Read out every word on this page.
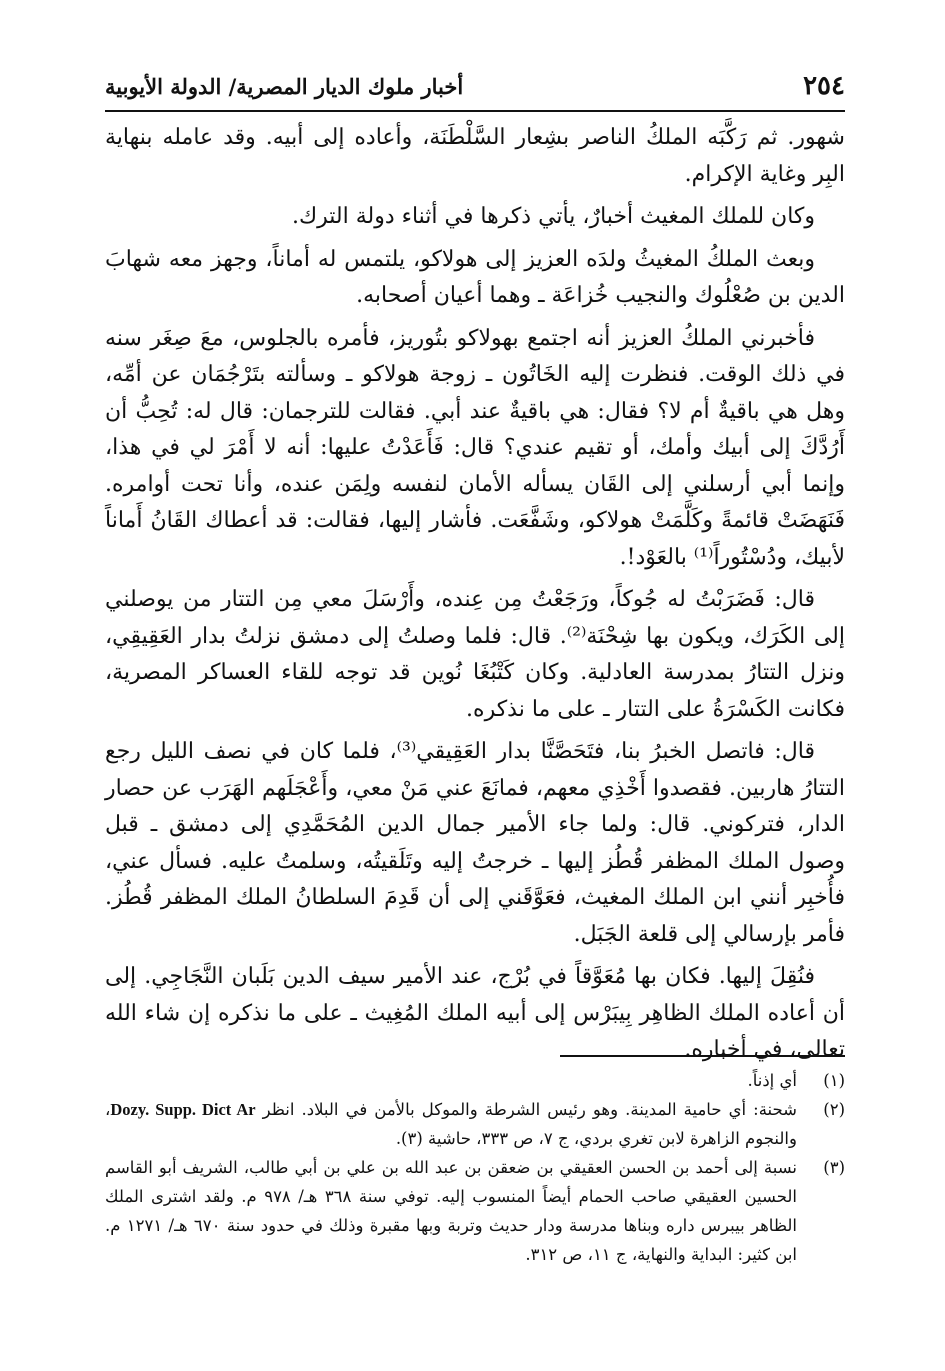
٢٥٤
أخبار ملوك الديار المصرية/ الدولة الأيوبية

شهور. ثم رَكَّبَه الملكُ الناصر بشِعار السَّلْطَنَة، وأعاده إلى أبيه. وقد عامله بنهاية البِر وغاية الإكرام.

وكان للملك المغيث أخبارٌ، يأتي ذكرها في أثناء دولة الترك.

وبعث الملكُ المغيثُ ولدَه العزيز إلى هولاكو، يلتمس له أماناً، وجهز معه شهابَ الدين بن صُعْلُوك والنجيب خُزاعَة ـ وهما أعيان أصحابه.

فأخبرني الملكُ العزيز أنه اجتمع بهولاكو بتُوريز، فأمره بالجلوس، معَ صِغَر سنه في ذلك الوقت. فنظرت إليه الخَاتُون ـ زوجة هولاكو ـ وسألته بتَرْجُمَان عن أمِّه، وهل هي باقيةٌ أم لا؟ فقال: هي باقيةٌ عند أبي. فقالت للترجمان: قال له: تُحِبُّ أن أَرُدَّكَ إلى أبيك وأمك، أو تقيم عندي؟ قال: فَأَعَدْتُ عليها: أنه لا أَمْرَ لي في هذا، وإنما أبي أرسلني إلى القَان يسأله الأمان لنفسه ولِمَن عنده، وأنا تحت أوامره. فَنَهَضَتْ قائمةً وكَلَّمَتْ هولاكو، وشَفَّعَت. فأشار إليها، فقالت: قد أعطاك القَانُ أَماناً لأبيك، ودُسْتُوراً⁽¹⁾ بالعَوْد!.

قال: فَضَرَبْتُ له جُوكاً، ورَجَعْتُ مِن عِنده، وأَرْسَلَ معي مِن التتار من يوصلني إلى الكَرَك، ويكون بها شِحْنَة⁽²⁾. قال: فلما وصلتُ إلى دمشق نزلتُ بدار العَقِيقِي، ونزل التتارُ بمدرسة العادلية. وكان كَتْبُغَا نُوين قد توجه للقاء العساكر المصرية، فكانت الكَسْرَةُ على التتار ـ على ما نذكره.

قال: فاتصل الخبرُ بنا، فتَحَصَّنَّا بدار العَقِيقي⁽³⁾، فلما كان في نصف الليل رجع التتارُ هاربين. فقصدوا أَخْذِي معهم، فمانَعَ عني مَنْ معي، وأَعْجَلَهم الهَرَب عن حصار الدار، فتركوني. قال: ولما جاء الأمير جمال الدين المُحَمَّدِي إلى دمشق ـ قبل وصول الملك المظفر قُطُز إليها ـ خرجتُ إليه وتَلَقيتُه، وسلمتُ عليه. فسأل عني، فأُخبِر أنني ابن الملك المغيث، فعَوَّقَني إلى أن قَدِمَ السلطانُ الملك المظفر قُطُز. فأمر بإرسالي إلى قلعة الجَبَل.

فنُقِلَ إليها. فكان بها مُعَوَّقاً في بُرْج، عند الأمير سيف الدين بَلَبان النَّجَاجِي. إلى أن أعاده الملك الظاهِر بِيبَرْس إلى أبيه الملك المُغِيث ـ على ما نذكره إن شاء الله تعالى، في أخباره.

(١)
أي إذناً.
(٢)
شحنة: أي حامية المدينة. وهو رئيس الشرطة والموكل بالأمن في البلاد. انظر Dozy. Supp. Dict Ar، والنجوم الزاهرة لابن تغري بردي، ج ٧، ص ٣٣٣، حاشية (٣).
(٣)
نسبة إلى أحمد بن الحسن العقيقي بن ضعقن بن عبد الله بن علي بن أبي طالب، الشريف أبو القاسم الحسين العقيقي صاحب الحمام أيضاً المنسوب إليه. توفي سنة ٣٦٨ هـ/ ٩٧٨ م. ولقد اشترى الملك الظاهر بيبرس داره وبناها مدرسة ودار حديث وتربة وبها مقبرة وذلك في حدود سنة ٦٧٠ هـ/ ١٢٧١ م. ابن كثير: البداية والنهاية، ج ١١، ص ٣١٢.
